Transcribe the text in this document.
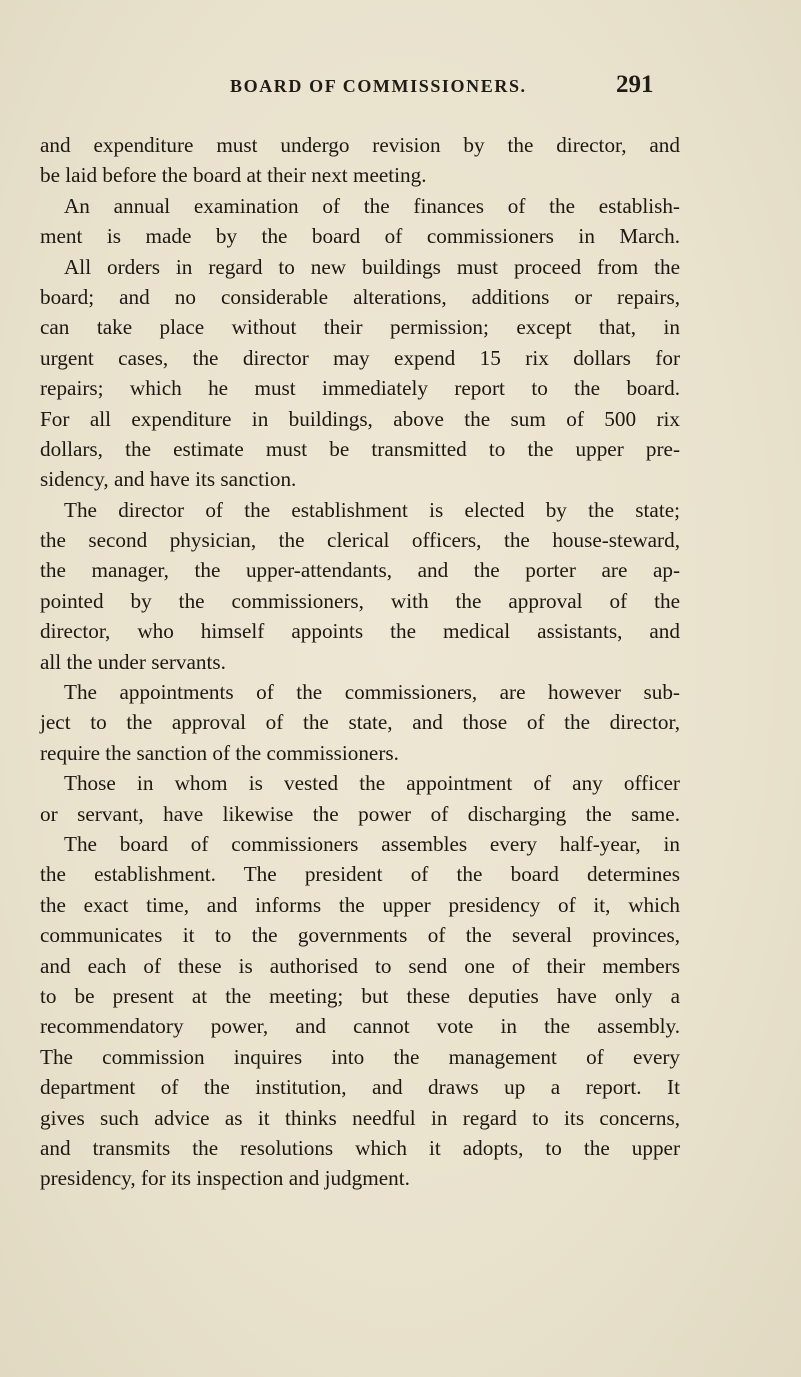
BOARD OF COMMISSIONERS.	291
and expenditure must undergo revision by the director, and
be laid before the board at their next meeting.
An annual examination of the finances of the establish-
ment is made by the board of commissioners in March.
All orders in regard to new buildings must proceed from the
board; and no considerable alterations, additions or repairs,
can take place without their permission; except that, in
urgent cases, the director may expend 15 rix dollars for
repairs; which he must immediately report to the board.
For all expenditure in buildings, above the sum of 500 rix
dollars, the estimate must be transmitted to the upper pre-
sidency, and have its sanction.
The director of the establishment is elected by the state;
the second physician, the clerical officers, the house-steward,
the manager, the upper-attendants, and the porter are ap-
pointed by the commissioners, with the approval of the
director, who himself appoints the medical assistants, and
all the under servants.
The appointments of the commissioners, are however sub-
ject to the approval of the state, and those of the director,
require the sanction of the commissioners.
Those in whom is vested the appointment of any officer
or servant, have likewise the power of discharging the same.
The board of commissioners assembles every half-year, in
the establishment. The president of the board determines
the exact time, and informs the upper presidency of it, which
communicates it to the governments of the several provinces,
and each of these is authorised to send one of their members
to be present at the meeting; but these deputies have only a
recommendatory power, and cannot vote in the assembly.
The commission inquires into the management of every
department of the institution, and draws up a report. It
gives such advice as it thinks needful in regard to its concerns,
and transmits the resolutions which it adopts, to the upper
presidency, for its inspection and judgment.
